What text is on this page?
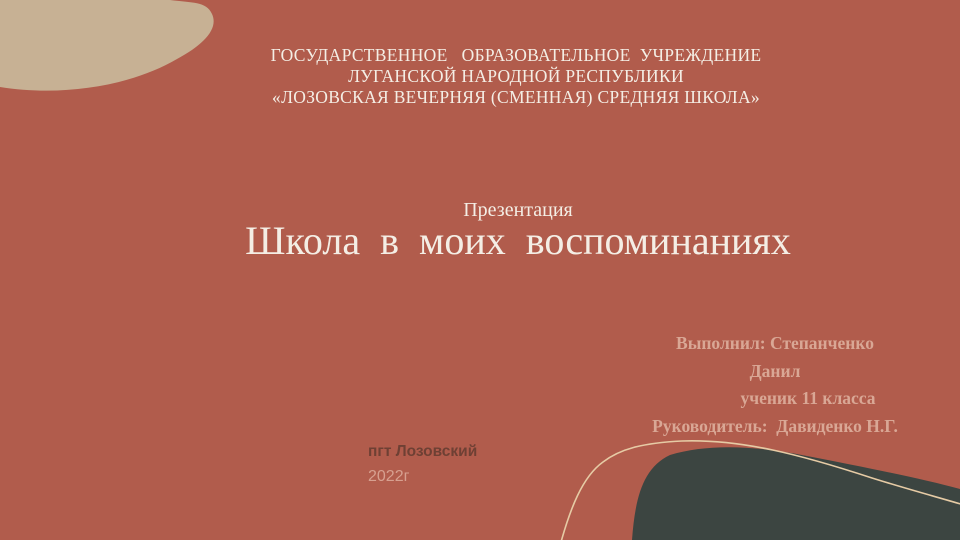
ГОСУДАРСТВЕННОЕ   ОБРАЗОВАТЕЛЬНОЕ  УЧРЕЖДЕНИЕ
ЛУГАНСКОЙ НАРОДНОЙ РЕСПУБЛИКИ
«ЛОЗОВСКАЯ ВЕЧЕРНЯЯ (СМЕННАЯ) СРЕДНЯЯ ШКОЛА»
Презентация
Школа в моих воспоминаниях
Выполнил: Степанченко Данил
ученик 11 класса
Руководитель:  Давиденко Н.Г.
пгт Лозовский
2022г
